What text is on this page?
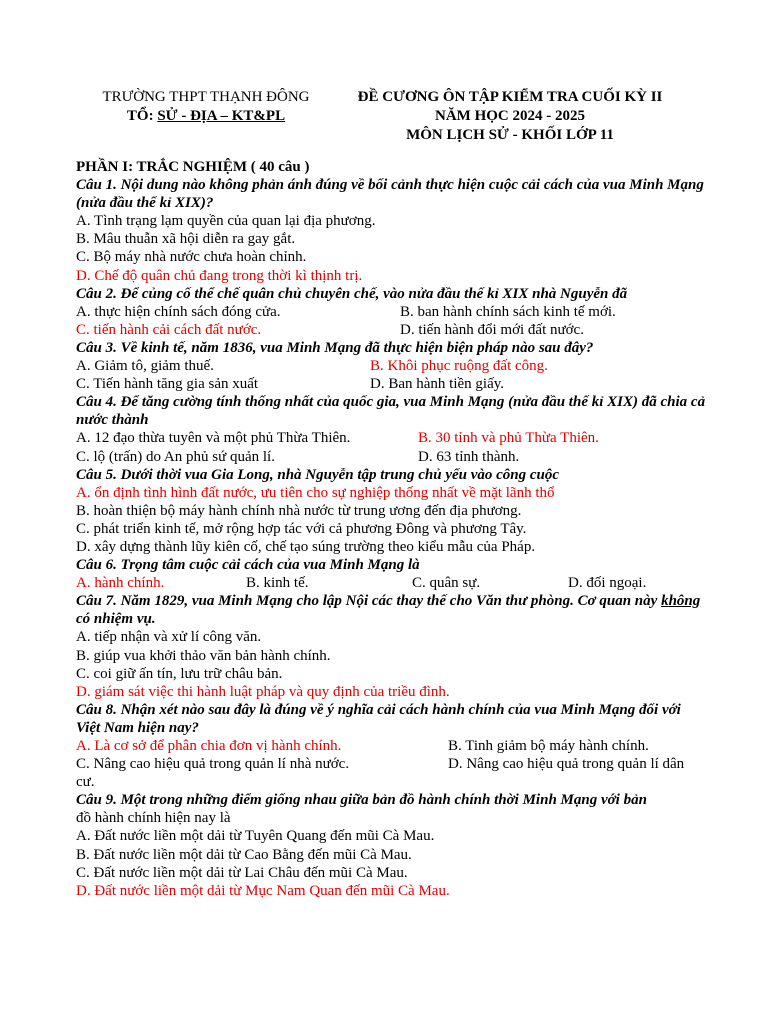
TRƯỜNG THPT THẠNH ĐÔNG
TỔ: SỬ - ĐỊA – KT&PL
ĐỀ CƯƠNG ÔN TẬP KIỂM TRA CUỐI KỲ II
NĂM HỌC 2024 - 2025
MÔN LỊCH SỬ - KHỐI LỚP 11
PHẦN I: TRẮC NGHIỆM ( 40 câu )
Câu 1. Nội dung nào không phản ánh đúng về bối cảnh thực hiện cuộc cải cách của vua Minh Mạng (nửa đầu thế kỉ XIX)?
A. Tình trạng lạm quyền của quan lại địa phương.
B. Mâu thuẫn xã hội diễn ra gay gắt.
C. Bộ máy nhà nước chưa hoàn chỉnh.
D. Chế độ quân chủ đang trong thời kì thịnh trị.
Câu 2. Để củng cố thể chế quân chủ chuyên chế, vào nửa đầu thế kỉ XIX nhà Nguyễn đã
A. thực hiện chính sách đóng cửa.	B. ban hành chính sách kinh tế mới.
C. tiến hành cải cách đất nước.	D. tiến hành đổi mới đất nước.
Câu 3. Về kinh tế, năm 1836, vua Minh Mạng đã thực hiện biện pháp nào sau đây?
A. Giảm tô, giảm thuế.	B. Khôi phục ruộng đất công.
C. Tiến hành tăng gia sản xuất	D. Ban hành tiền giấy.
Câu 4. Để tăng cường tính thống nhất của quốc gia, vua Minh Mạng (nửa đầu thế kỉ XIX) đã chia cả nước thành
A. 12 đạo thừa tuyên và một phủ Thừa Thiên.	B. 30 tỉnh và phủ Thừa Thiên.
C. lộ (trấn) do An phủ sứ quản lí.	D. 63 tỉnh thành.
Câu 5. Dưới thời vua Gia Long, nhà Nguyễn tập trung chủ yếu vào công cuộc
A. ổn định tình hình đất nước, ưu tiên cho sự nghiệp thống nhất về mặt lãnh thổ
B. hoàn thiện bộ máy hành chính nhà nước từ trung ương đến địa phương.
C. phát triển kinh tế, mở rộng hợp tác với cả phương Đông và phương Tây.
D. xây dựng thành lũy kiên cố, chế tạo súng trường theo kiểu mẫu của Pháp.
Câu 6. Trọng tâm cuộc cải cách của vua Minh Mạng là
A. hành chính.	B. kinh tế.	C. quân sự.	D. đối ngoại.
Câu 7. Năm 1829, vua Minh Mạng cho lập Nội các thay thế cho Văn thư phòng. Cơ quan này không có nhiệm vụ.
A. tiếp nhận và xử lí công văn.
B. giúp vua khởi thảo văn bản hành chính.
C. coi giữ ấn tín, lưu trữ châu bản.
D. giám sát việc thi hành luật pháp và quy định của triều đình.
Câu 8. Nhận xét nào sau đây là đúng về ý nghĩa cải cách hành chính của vua Minh Mạng đối với Việt Nam hiện nay?
A. Là cơ sở để phân chia đơn vị hành chính.	B. Tinh giảm bộ máy hành chính.
C. Nâng cao hiệu quả trong quản lí nhà nước.	D. Nâng cao hiệu quả trong quản lí dân
cư.
Câu 9. Một trong những điểm giống nhau giữa bản đồ hành chính thời Minh Mạng với bản
đồ hành chính hiện nay là
A. Đất nước liền một dải từ Tuyên Quang đến mũi Cà Mau.
B. Đất nước liền một dải từ Cao Bằng đến mũi Cà Mau.
C. Đất nước liền một dải từ Lai Châu đến mũi Cà Mau.
D. Đất nước liền một dải từ Mục Nam Quan đến mũi Cà Mau.
